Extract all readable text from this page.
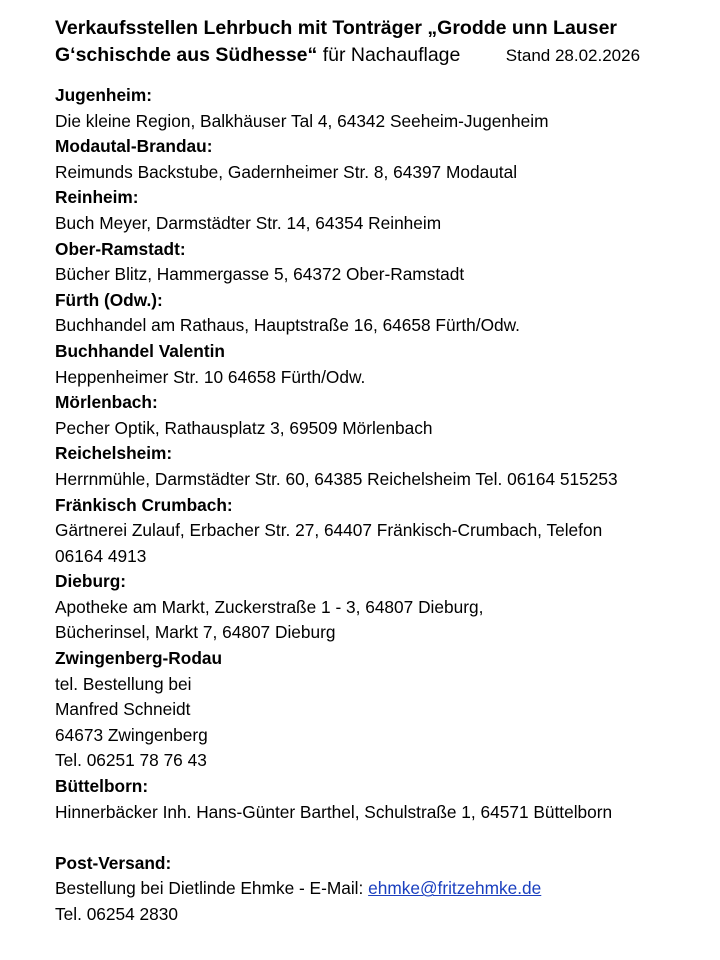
Verkaufsstellen Lehrbuch mit Tonträger „Grodde unn Lauser
G‘schischde aus Südhesse“ für Nachauflage	Stand 28.02.2026
Jugenheim:
Die kleine Region, Balkhäuser Tal 4, 64342 Seeheim-Jugenheim
Modautal-Brandau:
Reimunds Backstube, Gadernheimer Str. 8, 64397 Modautal
Reinheim:
Buch Meyer, Darmstädter Str. 14, 64354 Reinheim
Ober-Ramstadt:
Bücher Blitz, Hammergasse 5, 64372 Ober-Ramstadt
Fürth (Odw.):
Buchhandel am Rathaus, Hauptstraße 16, 64658 Fürth/Odw.
Buchhandel Valentin
Heppenheimer Str. 10 64658 Fürth/Odw.
Mörlenbach:
Pecher Optik, Rathausplatz 3, 69509 Mörlenbach
Reichelsheim:
Herrnmühle, Darmstädter Str. 60, 64385 Reichelsheim Tel. 06164 515253
Fränkisch Crumbach:
Gärtnerei Zulauf, Erbacher Str. 27, 64407 Fränkisch-Crumbach, Telefon
06164 4913
Dieburg:
Apotheke am Markt, Zuckerstraße 1 - 3, 64807 Dieburg,
Bücherinsel, Markt 7, 64807 Dieburg
Zwingenberg-Rodau
tel. Bestellung bei
Manfred Schneidt
64673 Zwingenberg
Tel. 06251 78 76 43
Büttelborn:
Hinnerbäcker Inh. Hans-Günter Barthel, Schulstraße 1, 64571 Büttelborn
Post-Versand:
Bestellung bei Dietlinde Ehmke - E-Mail: ehmke@fritzehmke.de
Tel. 06254 2830
